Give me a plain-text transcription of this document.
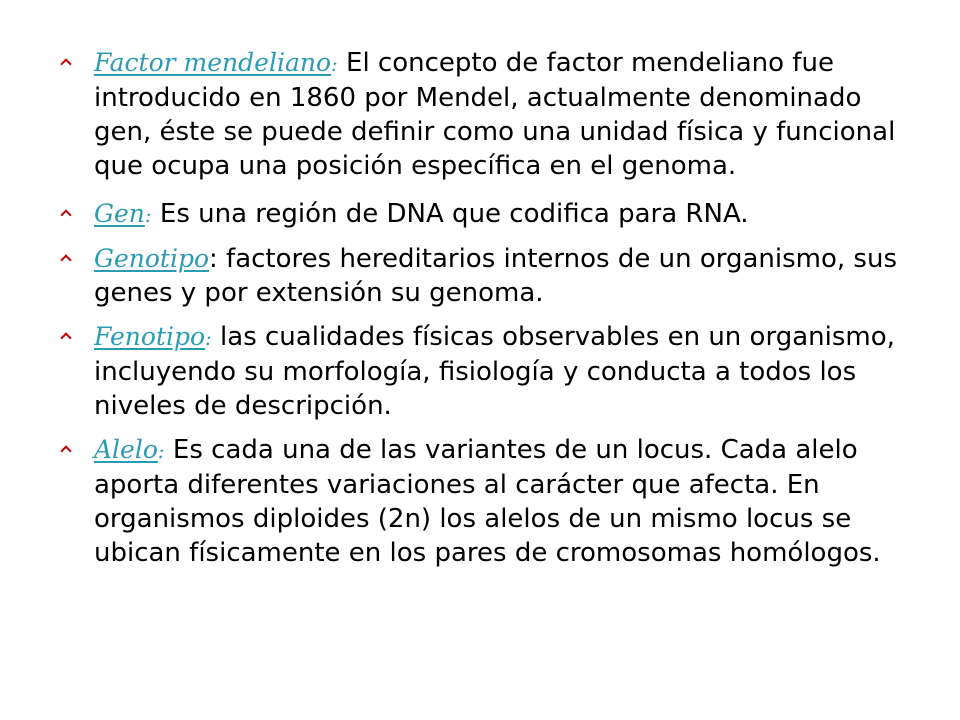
Factor mendeliano: El concepto de factor mendeliano fue introducido en 1860 por Mendel, actualmente denominado gen, éste se puede definir como una unidad física y funcional que ocupa una posición específica en el genoma.
Gen: Es una región de DNA que codifica para RNA.
Genotipo: factores hereditarios internos de un organismo, sus genes y por extensión su genoma.
Fenotipo: las cualidades físicas observables en un organismo, incluyendo su morfología, fisiología y conducta a todos los niveles de descripción.
Alelo: Es cada una de las variantes de un locus. Cada alelo aporta diferentes variaciones al carácter que afecta. En organismos diploides (2n) los alelos de un mismo locus se ubican físicamente en los pares de cromosomas homólogos.
